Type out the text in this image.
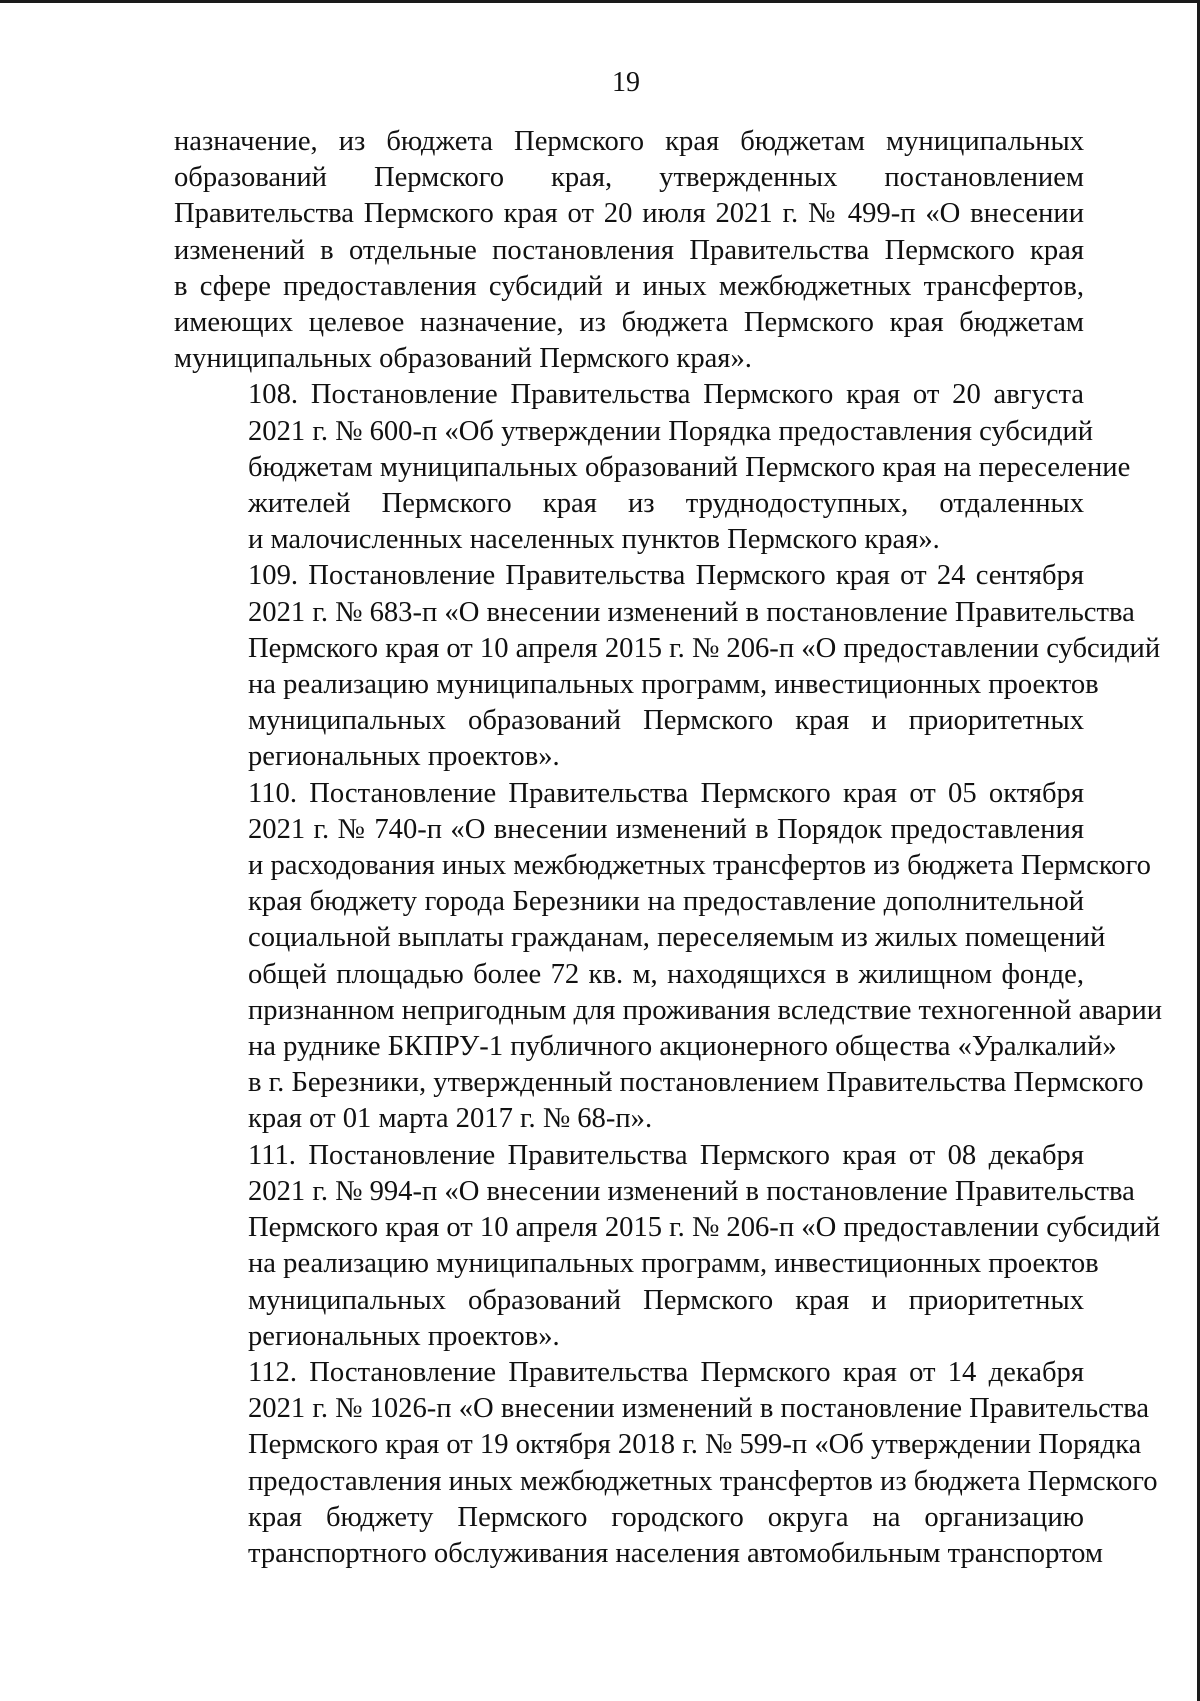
19
назначение, из бюджета Пермского края бюджетам муниципальных
образований Пермского края, утвержденных постановлением
Правительства Пермского края от 20 июля 2021 г. № 499-п «О внесении
изменений в отдельные постановления Правительства Пермского края
в сфере предоставления субсидий и иных межбюджетных трансфертов,
имеющих целевое назначение, из бюджета Пермского края бюджетам
муниципальных образований Пермского края».
108. Постановление Правительства Пермского края от 20 августа
2021 г. № 600-п «Об утверждении Порядка предоставления субсидий
бюджетам муниципальных образований Пермского края на переселение
жителей Пермского края из труднодоступных, отдаленных
и малочисленных населенных пунктов Пермского края».
109. Постановление Правительства Пермского края от 24 сентября
2021 г. № 683-п «О внесении изменений в постановление Правительства
Пермского края от 10 апреля 2015 г. № 206-п «О предоставлении субсидий
на реализацию муниципальных программ, инвестиционных проектов
муниципальных образований Пермского края и приоритетных
региональных проектов».
110. Постановление Правительства Пермского края от 05 октября
2021 г. № 740-п «О внесении изменений в Порядок предоставления
и расходования иных межбюджетных трансфертов из бюджета Пермского
края бюджету города Березники на предоставление дополнительной
социальной выплаты гражданам, переселяемым из жилых помещений
общей площадью более 72 кв. м, находящихся в жилищном фонде,
признанном непригодным для проживания вследствие техногенной аварии
на руднике БКПРУ-1 публичного акционерного общества «Уралкалий»
в г. Березники, утвержденный постановлением Правительства Пермского
края от 01 марта 2017 г. № 68-п».
111. Постановление Правительства Пермского края от 08 декабря
2021 г. № 994-п «О внесении изменений в постановление Правительства
Пермского края от 10 апреля 2015 г. № 206-п «О предоставлении субсидий
на реализацию муниципальных программ, инвестиционных проектов
муниципальных образований Пермского края и приоритетных
региональных проектов».
112. Постановление Правительства Пермского края от 14 декабря
2021 г. № 1026-п «О внесении изменений в постановление Правительства
Пермского края от 19 октября 2018 г. № 599-п «Об утверждении Порядка
предоставления иных межбюджетных трансфертов из бюджета Пермского
края бюджету Пермского городского округа на организацию
транспортного обслуживания населения автомобильным транспортом
